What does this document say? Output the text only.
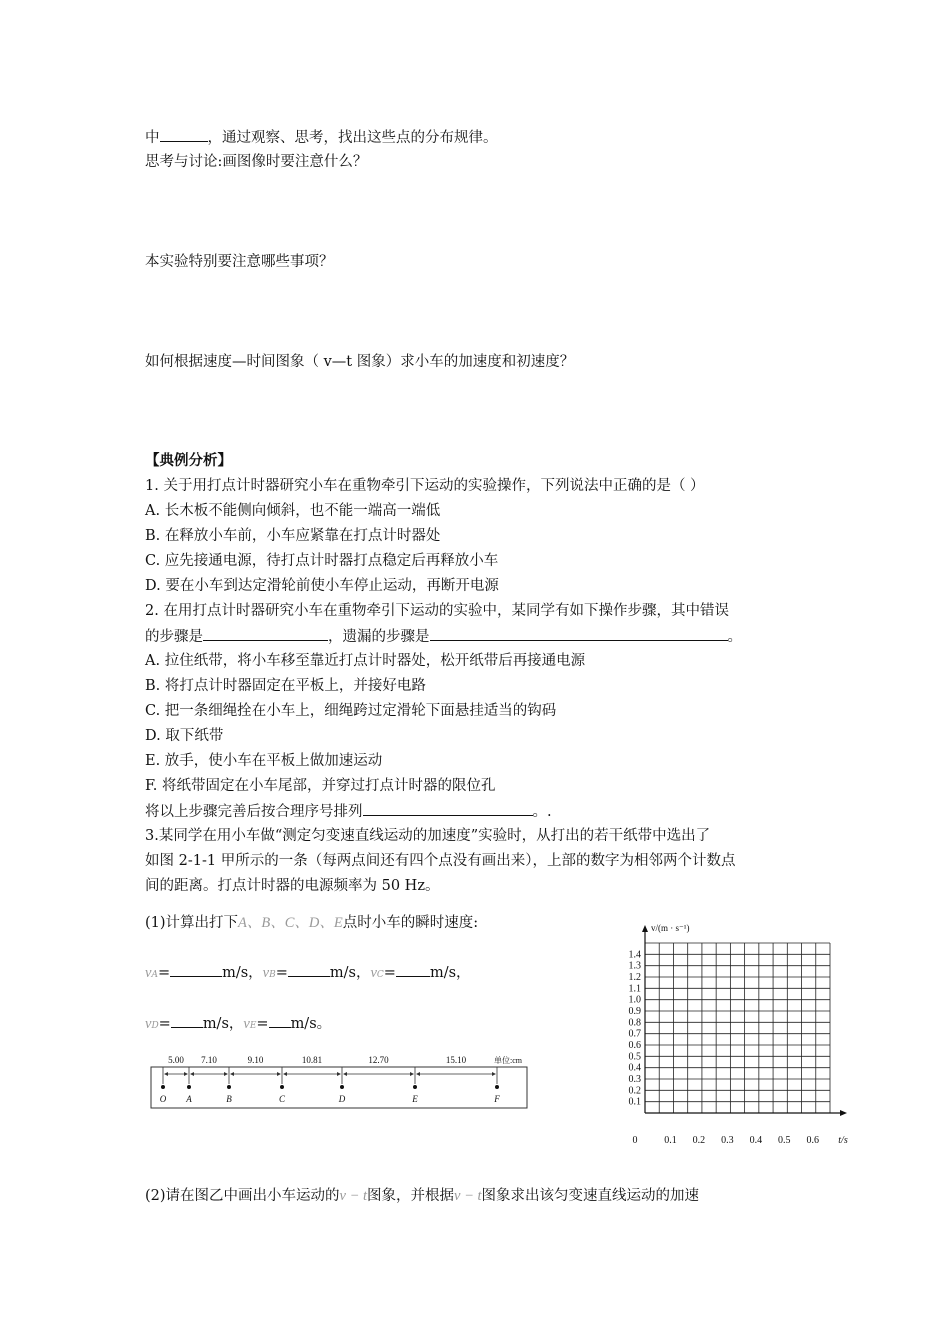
中	，通过观察、思考，找出这些点的分布规律。
思考与讨论:画图像时要注意什么？
本实验特别要注意哪些事项？
如何根据速度—时间图象（ v—t 图象）求小车的加速度和初速度？
【典例分析】
1. 关于用打点计时器研究小车在重物牵引下运动的实验操作，下列说法中正确的是（ ）
A. 长木板不能侧向倾斜，也不能一端高一端低
B. 在释放小车前，小车应紧靠在打点计时器处
C. 应先接通电源，待打点计时器打点稳定后再释放小车
D. 要在小车到达定滑轮前使小车停止运动，再断开电源
2. 在用打点计时器研究小车在重物牵引下运动的实验中，某同学有如下操作步骤，其中错误
的步骤是	，遗漏的步骤是	。
A. 拉住纸带，将小车移至靠近打点计时器处，松开纸带后再接通电源
B. 将打点计时器固定在平板上，并接好电路
C. 把一条细绳拴在小车上，细绳跨过定滑轮下面悬挂适当的钩码
D. 取下纸带
E. 放手，使小车在平板上做加速运动
F. 将纸带固定在小车尾部，并穿过打点计时器的限位孔
将以上步骤完善后按合理序号排列	。.
3.某同学在用小车做“测定匀变速直线运动的加速度”实验时，从打出的若干纸带中选出了
如图 2-1-1 甲所示的一条（每两点间还有四个点没有画出来），上部的数字为相邻两个计数点
间的距离。打点计时器的电源频率为 50 Hz。
(1)计算出打下A、B、C、D、E点时小车的瞬时速度:
vA=	m/s，vB=	m/s，vC= m/s，
vD= m/s，vE= m/s。
5.00 7.10	9.10	10.81	12.70	15.10
O A	B	C	D	E	F
单位:cm
0.1
0.2
0.3
0.4
0.5
0.6
0.7
0.8
0.9
1.0
1.1
1.2
1.3
1.4
0.1 0.2 0.3 0.4 0.5 0.6
0	t/s
v/(m · s⁻¹)
(2)请在图乙中画出小车运动的v − t图象，并根据v − t图象求出该匀变速直线运动的加速
